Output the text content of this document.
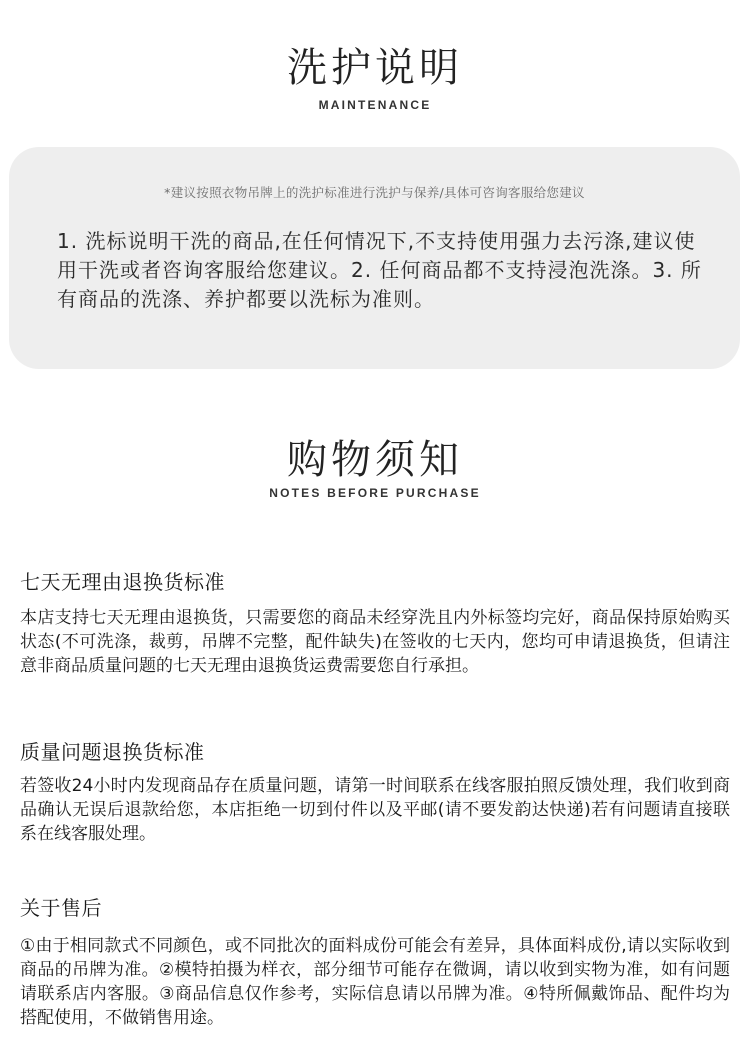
洗护说明
MAINTENANCE
*建议按照衣物吊牌上的洗护标准进行洗护与保养/具体可咨询客服给您建议
1. 洗标说明干洗的商品,在任何情况下,不支持使用强力去污涤,建议使用干洗或者咨询客服给您建议。2. 任何商品都不支持浸泡洗涤。3. 所有商品的洗涤、养护都要以洗标为准则。
购物须知
NOTES BEFORE PURCHASE
七天无理由退换货标准
本店支持七天无理由退换货，只需要您的商品未经穿洗且内外标签均完好，商品保持原始购买状态(不可洗涤，裁剪，吊牌不完整，配件缺失)在签收的七天内，您均可申请退换货，但请注意非商品质量问题的七天无理由退换货运费需要您自行承担。
质量问题退换货标准
若签收24小时内发现商品存在质量问题，请第一时间联系在线客服拍照反馈处理，我们收到商品确认无误后退款给您，本店拒绝一切到付件以及平邮(请不要发韵达快递)若有问题请直接联系在线客服处理。
关于售后
①由于相同款式不同颜色，或不同批次的面料成份可能会有差异，具体面料成份,请以实际收到商品的吊牌为准。②模特拍摄为样衣，部分细节可能存在微调，请以收到实物为准，如有问题请联系店内客服。③商品信息仅作参考，实际信息请以吊牌为准。④特所佩戴饰品、配件均为搭配使用，不做销售用途。
